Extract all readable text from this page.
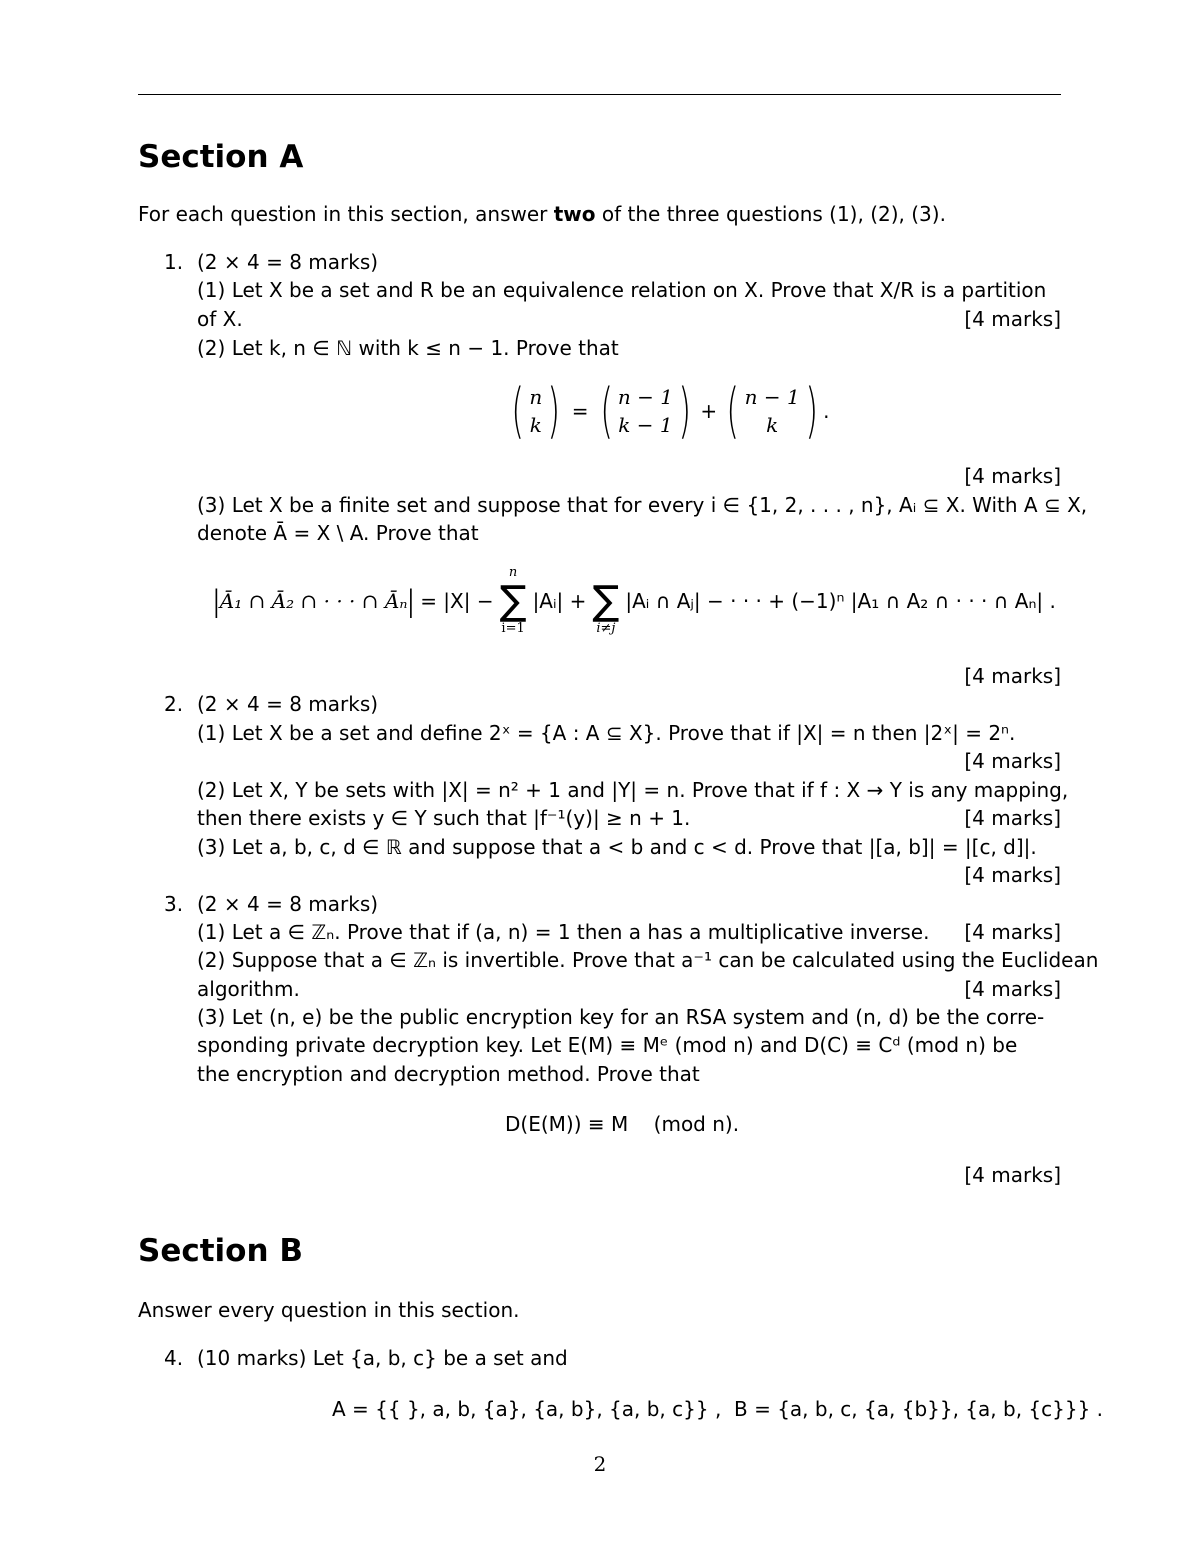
Section A
For each question in this section, answer two of the three questions (1), (2), (3).
1. (2 × 4 = 8 marks)
(1) Let X be a set and R be an equivalence relation on X. Prove that X/R is a partition
of X.	[4 marks]
(2) Let k, n ∈ ℕ with k ≤ n − 1. Prove that
( n
k ) = ( n − 1
k − 1 ) + ( n − 1
k ) .
[4 marks]
(3) Let X be a finite set and suppose that for every i ∈ {1, 2, . . . , n}, Aᵢ ⊆ X. With A ⊆ X,
denote Ā = X \ A. Prove that
| Ā₁ ∩ Ā₂ ∩ · · · ∩ Āₙ | = |X| −
n
∑
i=1
|Aᵢ| +
∑
i≠j
|Aᵢ ∩ Aⱼ| − · · · + (−1)ⁿ |A₁ ∩ A₂ ∩ · · · ∩ Aₙ| .
[4 marks]
2. (2 × 4 = 8 marks)
(1) Let X be a set and define 2ˣ = {A : A ⊆ X}. Prove that if |X| = n then |2ˣ| = 2ⁿ.
[4 marks]
(2) Let X, Y be sets with |X| = n² + 1 and |Y| = n. Prove that if f : X → Y is any mapping,
then there exists y ∈ Y such that |f⁻¹(y)| ≥ n + 1.	[4 marks]
(3) Let a, b, c, d ∈ ℝ and suppose that a < b and c < d. Prove that |[a, b]| = |[c, d]|.
[4 marks]
3. (2 × 4 = 8 marks)
(1) Let a ∈ ℤₙ. Prove that if (a, n) = 1 then a has a multiplicative inverse. [4 marks]
(2) Suppose that a ∈ ℤₙ is invertible. Prove that a⁻¹ can be calculated using the Euclidean
algorithm.	[4 marks]
(3) Let (n, e) be the public encryption key for an RSA system and (n, d) be the corre-
sponding private decryption key. Let E(M) ≡ Mᵉ (mod n) and D(C) ≡ Cᵈ (mod n) be
the encryption and decryption method. Prove that
D(E(M)) ≡ M    (mod n).
[4 marks]
Section B
Answer every question in this section.
4. (10 marks) Let {a, b, c} be a set and
A = {{ }, a, b, {a}, {a, b}, {a, b, c}} ,  B = {a, b, c, {a, {b}}, {a, b, {c}}} .
2
